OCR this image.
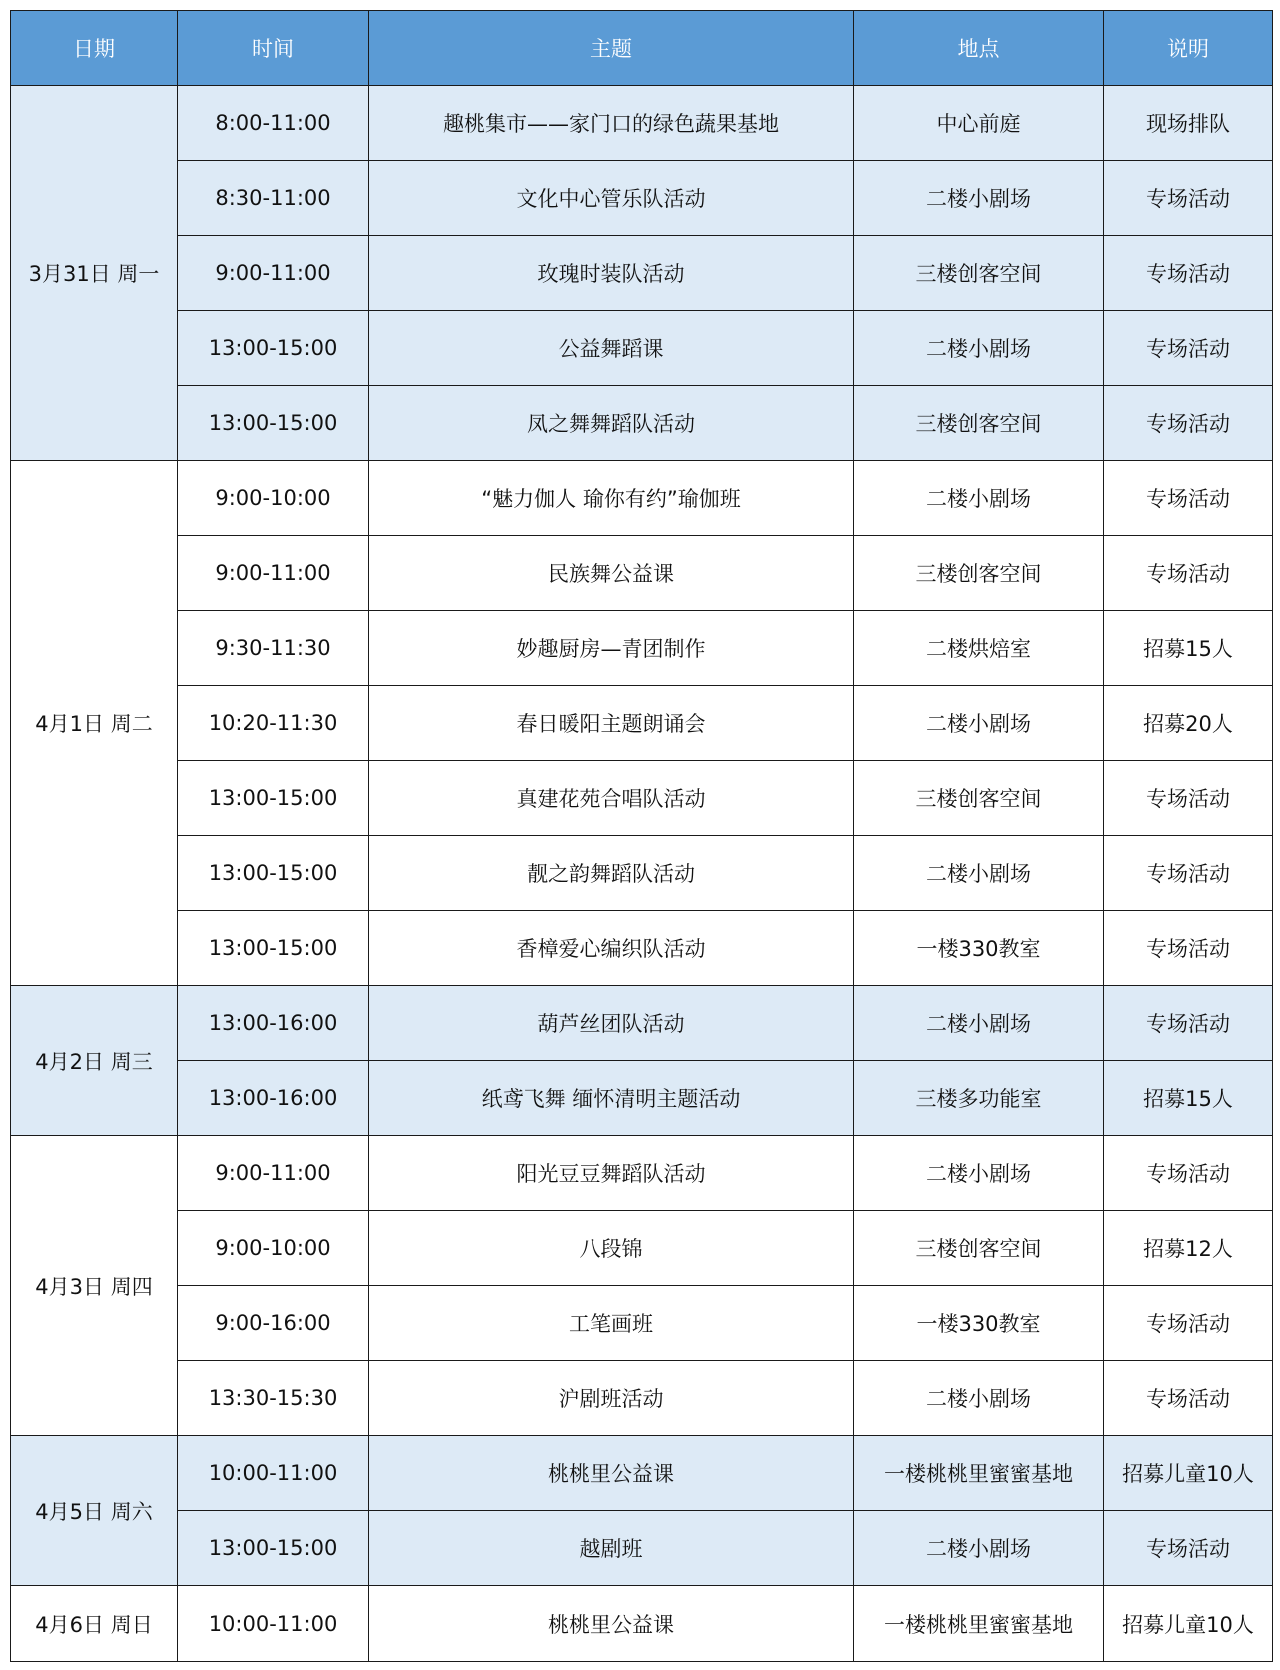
日期	时间	主题	地点	说明
3月31日 周一	8:00-11:00	趣桃集市——家门口的绿色蔬果基地	中心前庭	现场排队
	8:30-11:00	文化中心管乐队活动	二楼小剧场	专场活动
	9:00-11:00	玫瑰时装队活动	三楼创客空间	专场活动
	13:00-15:00	公益舞蹈课	二楼小剧场	专场活动
	13:00-15:00	凤之舞舞蹈队活动	三楼创客空间	专场活动
4月1日 周二	9:00-10:00	“魅力伽人 瑜你有约”瑜伽班	二楼小剧场	专场活动
	9:00-11:00	民族舞公益课	三楼创客空间	专场活动
	9:30-11:30	妙趣厨房—青团制作	二楼烘焙室	招募15人
	10:20-11:30	春日暖阳主题朗诵会	二楼小剧场	招募20人
	13:00-15:00	真建花苑合唱队活动	三楼创客空间	专场活动
	13:00-15:00	靓之韵舞蹈队活动	二楼小剧场	专场活动
	13:00-15:00	香樟爱心编织队活动	一楼330教室	专场活动
4月2日 周三	13:00-16:00	葫芦丝团队活动	二楼小剧场	专场活动
	13:00-16:00	纸鸢飞舞 缅怀清明主题活动	三楼多功能室	招募15人
4月3日 周四	9:00-11:00	阳光豆豆舞蹈队活动	二楼小剧场	专场活动
	9:00-10:00	八段锦	三楼创客空间	招募12人
	9:00-16:00	工笔画班	一楼330教室	专场活动
	13:30-15:30	沪剧班活动	二楼小剧场	专场活动
4月5日 周六	10:00-11:00	桃桃里公益课	一楼桃桃里蜜蜜基地	招募儿童10人
	13:00-15:00	越剧班	二楼小剧场	专场活动
4月6日 周日	10:00-11:00	桃桃里公益课	一楼桃桃里蜜蜜基地	招募儿童10人
